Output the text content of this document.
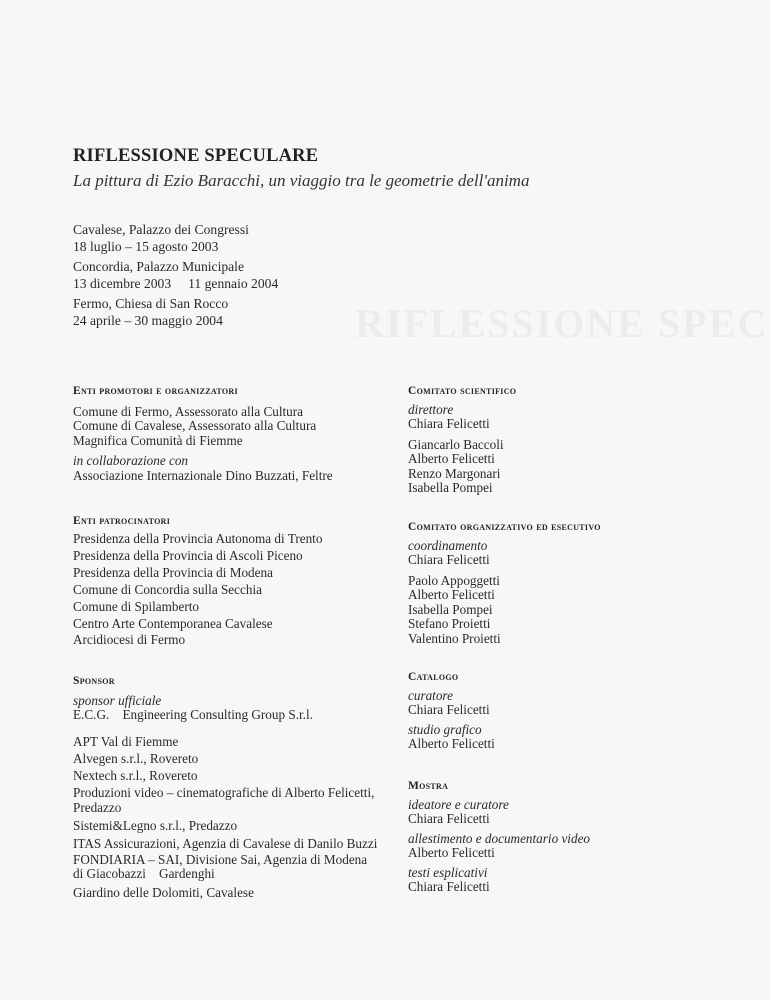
RIFLESSIONE SPECULARE
La pittura di Ezio Baracchi, un viaggio tra le geometrie dell'anima
Cavalese, Palazzo dei Congressi
18 luglio – 15 agosto 2003
Concordia, Palazzo Municipale
13 dicembre 2003  11 gennaio 2004
Fermo, Chiesa di San Rocco
24 aprile – 30 maggio 2004
Enti promotori e organizzatori
Comune di Fermo, Assessorato alla Cultura
Comune di Cavalese, Assessorato alla Cultura
Magnifica Comunità di Fiemme
in collaborazione con
Associazione Internazionale Dino Buzzati, Feltre
Enti patrocinatori
Presidenza della Provincia Autonoma di Trento
Presidenza della Provincia di Ascoli Piceno
Presidenza della Provincia di Modena
Comune di Concordia sulla Secchia
Comune di Spilamberto
Centro Arte Contemporanea Cavalese
Arcidiocesi di Fermo
Sponsor
sponsor ufficiale
E.C.G. Engineering Consulting Group S.r.l.
APT Val di Fiemme
Alvegen s.r.l., Rovereto
Nextech s.r.l., Rovereto
Produzioni video – cinematografiche di Alberto Felicetti,
Predazzo
Sistemi&Legno s.r.l., Predazzo
ITAS Assicurazioni, Agenzia di Cavalese di Danilo Buzzi
FONDIARIA – SAI, Divisione Sai, Agenzia di Modena
di Giacobazzi Gardenghi
Giardino delle Dolomiti, Cavalese
Comitato scientifico
direttore
Chiara Felicetti
Giancarlo Baccoli
Alberto Felicetti
Renzo Margonari
Isabella Pompei
Comitato organizzativo ed esecutivo
coordinamento
Chiara Felicetti
Paolo Appoggetti
Alberto Felicetti
Isabella Pompei
Stefano Proietti
Valentino Proietti
Catalogo
curatore
Chiara Felicetti
studio grafico
Alberto Felicetti
Mostra
ideatore e curatore
Chiara Felicetti
allestimento e documentario video
Alberto Felicetti
testi esplicativi
Chiara Felicetti
